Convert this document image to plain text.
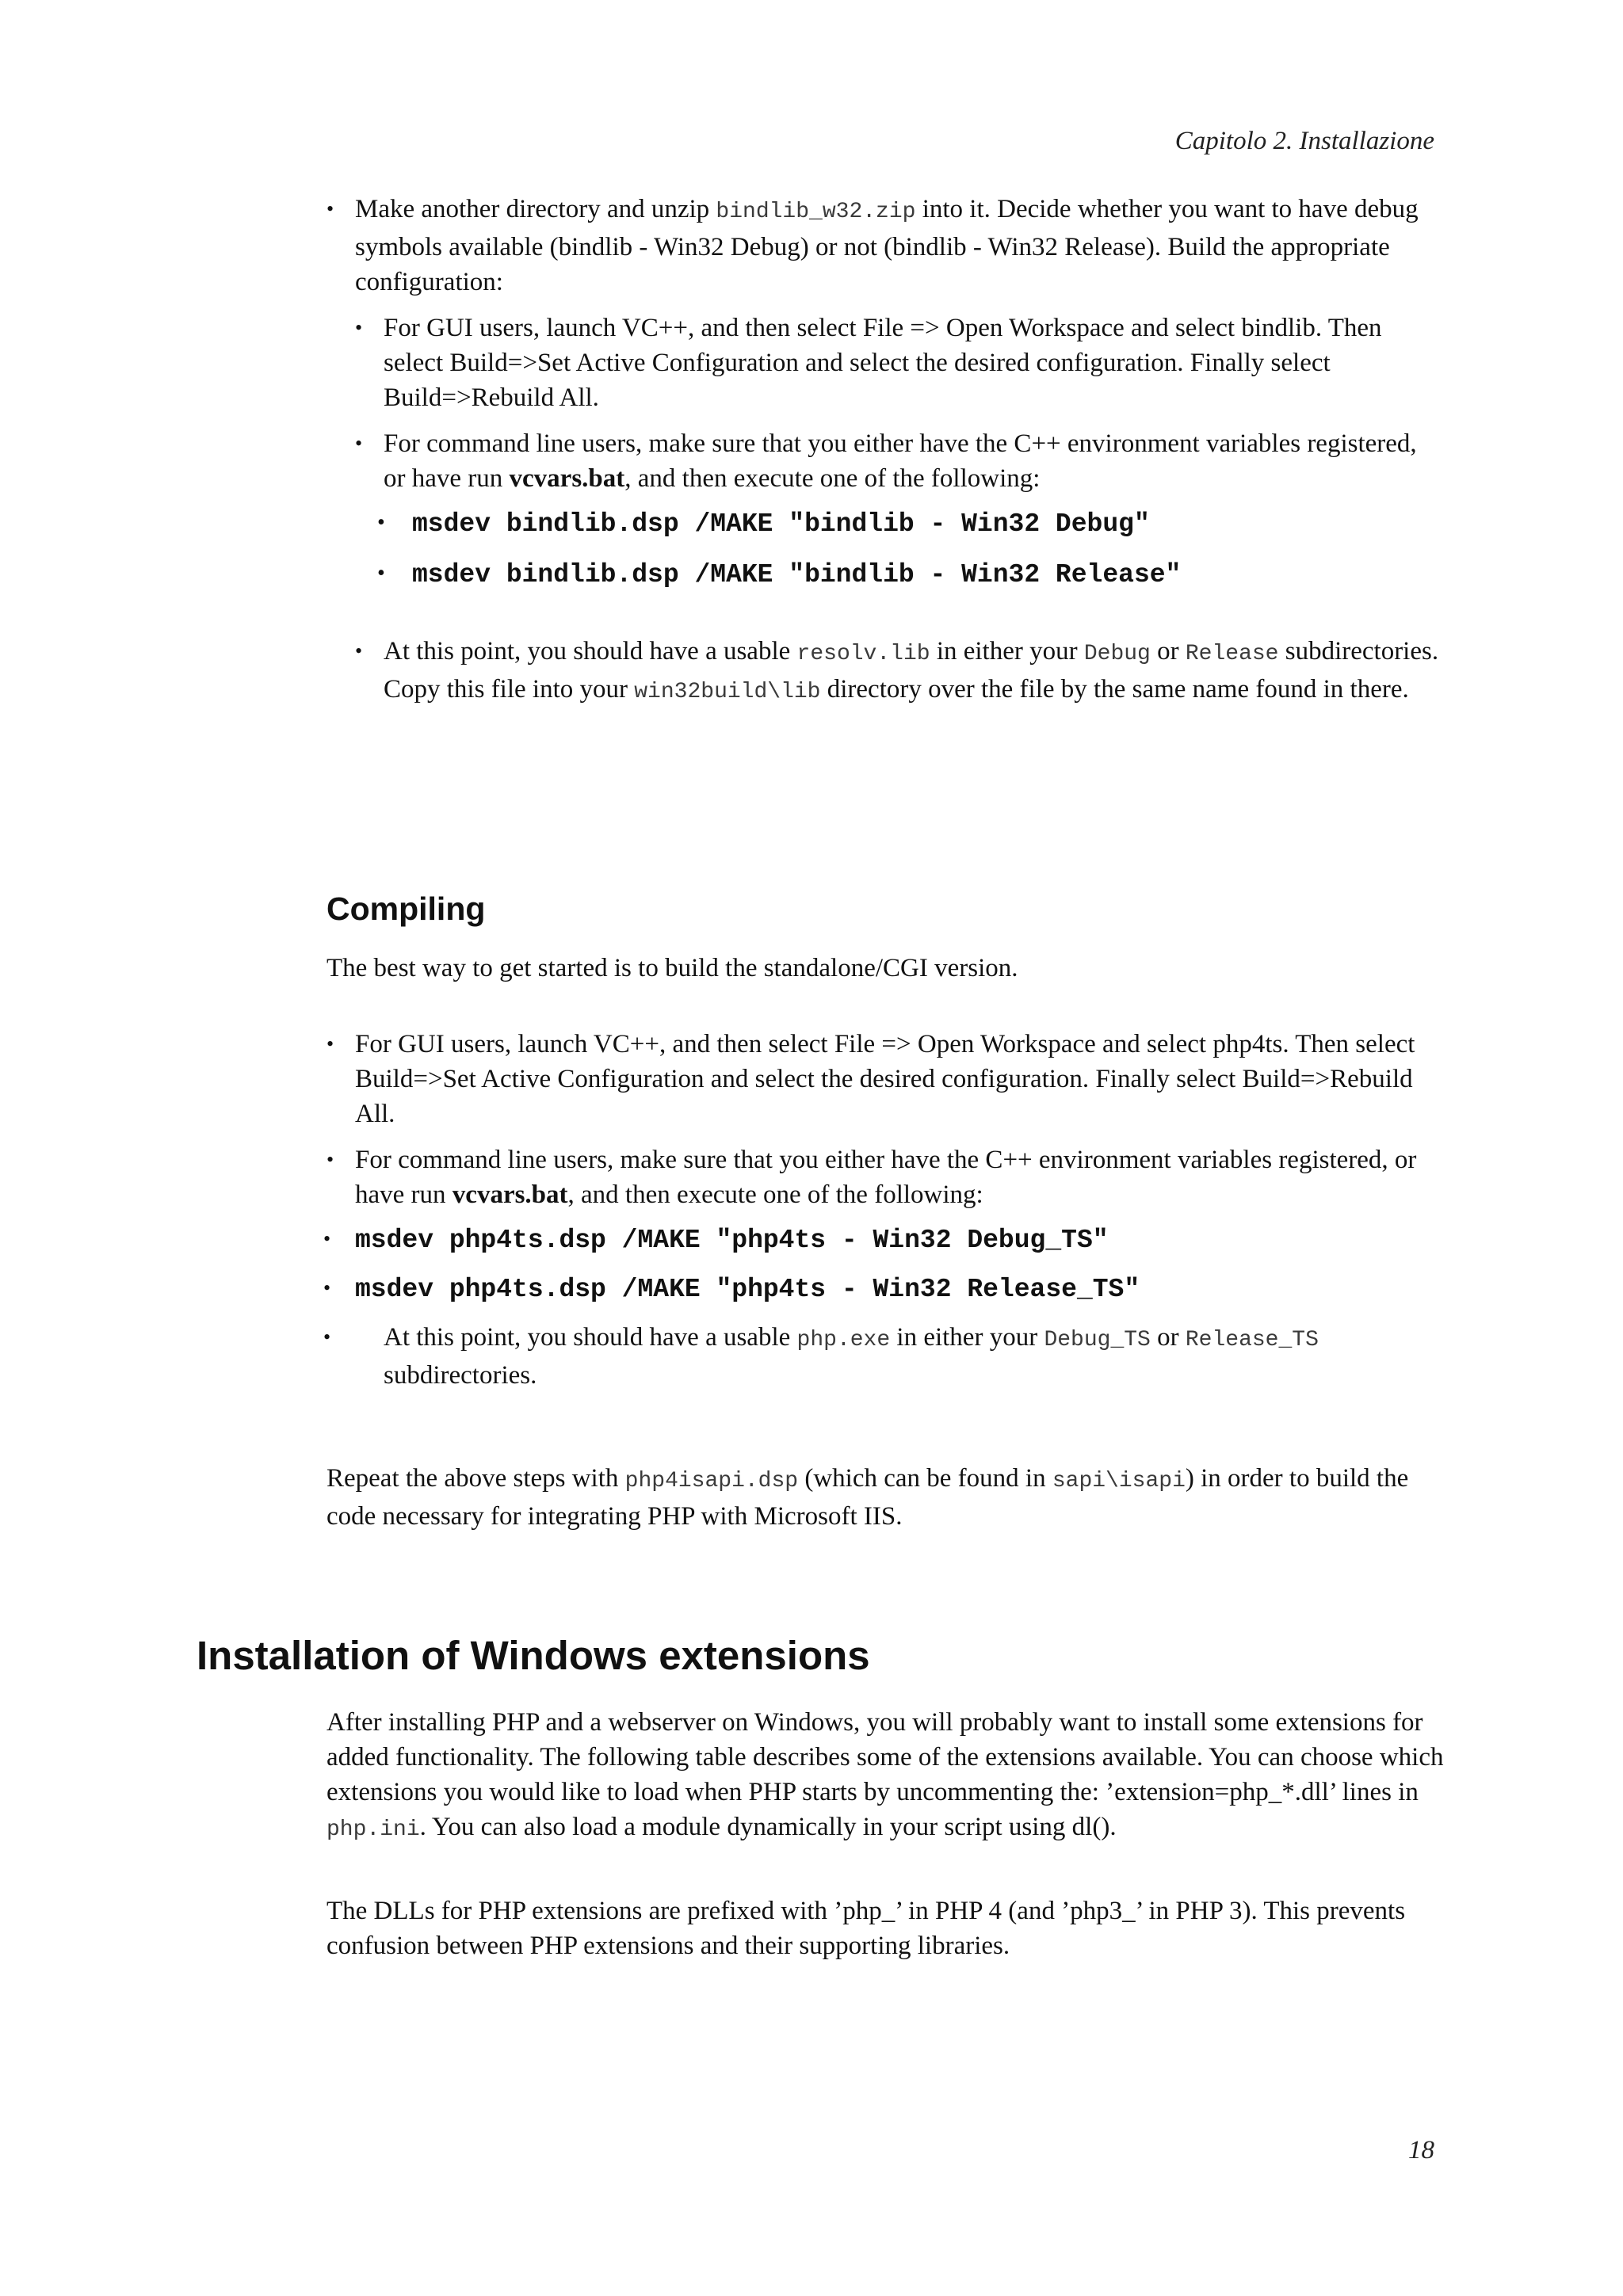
Capitolo 2. Installazione
• Make another directory and unzip bindlib_w32.zip into it. Decide whether you want to have debug symbols available (bindlib - Win32 Debug) or not (bindlib - Win32 Release). Build the appropriate configuration:
• For GUI users, launch VC++, and then select File => Open Workspace and select bindlib. Then select Build=>Set Active Configuration and select the desired configuration. Finally select Build=>Rebuild All.
• For command line users, make sure that you either have the C++ environment variables registered, or have run vcvars.bat, and then execute one of the following:
• msdev bindlib.dsp /MAKE "bindlib - Win32 Debug"
• msdev bindlib.dsp /MAKE "bindlib - Win32 Release"
• At this point, you should have a usable resolv.lib in either your Debug or Release subdirectories. Copy this file into your win32build\lib directory over the file by the same name found in there.
Compiling

The best way to get started is to build the standalone/CGI version.

• For GUI users, launch VC++, and then select File => Open Workspace and select php4ts. Then select Build=>Set Active Configuration and select the desired configuration. Finally select Build=>Rebuild All.
• For command line users, make sure that you either have the C++ environment variables registered, or have run vcvars.bat, and then execute one of the following:
• msdev php4ts.dsp /MAKE "php4ts - Win32 Debug_TS"
• msdev php4ts.dsp /MAKE "php4ts - Win32 Release_TS"
• At this point, you should have a usable php.exe in either your Debug_TS or Release_TS subdirectories.

Repeat the above steps with php4isapi.dsp (which can be found in sapi\isapi) in order to build the code necessary for integrating PHP with Microsoft IIS.

Installation of Windows extensions

After installing PHP and a webserver on Windows, you will probably want to install some extensions for added functionality. The following table describes some of the extensions available. You can choose which extensions you would like to load when PHP starts by uncommenting the: ’extension=php_*.dll’ lines in php.ini. You can also load a module dynamically in your script using dl().

The DLLs for PHP extensions are prefixed with ’php_’ in PHP 4 (and ’php3_’ in PHP 3). This prevents confusion between PHP extensions and their supporting libraries.

18
